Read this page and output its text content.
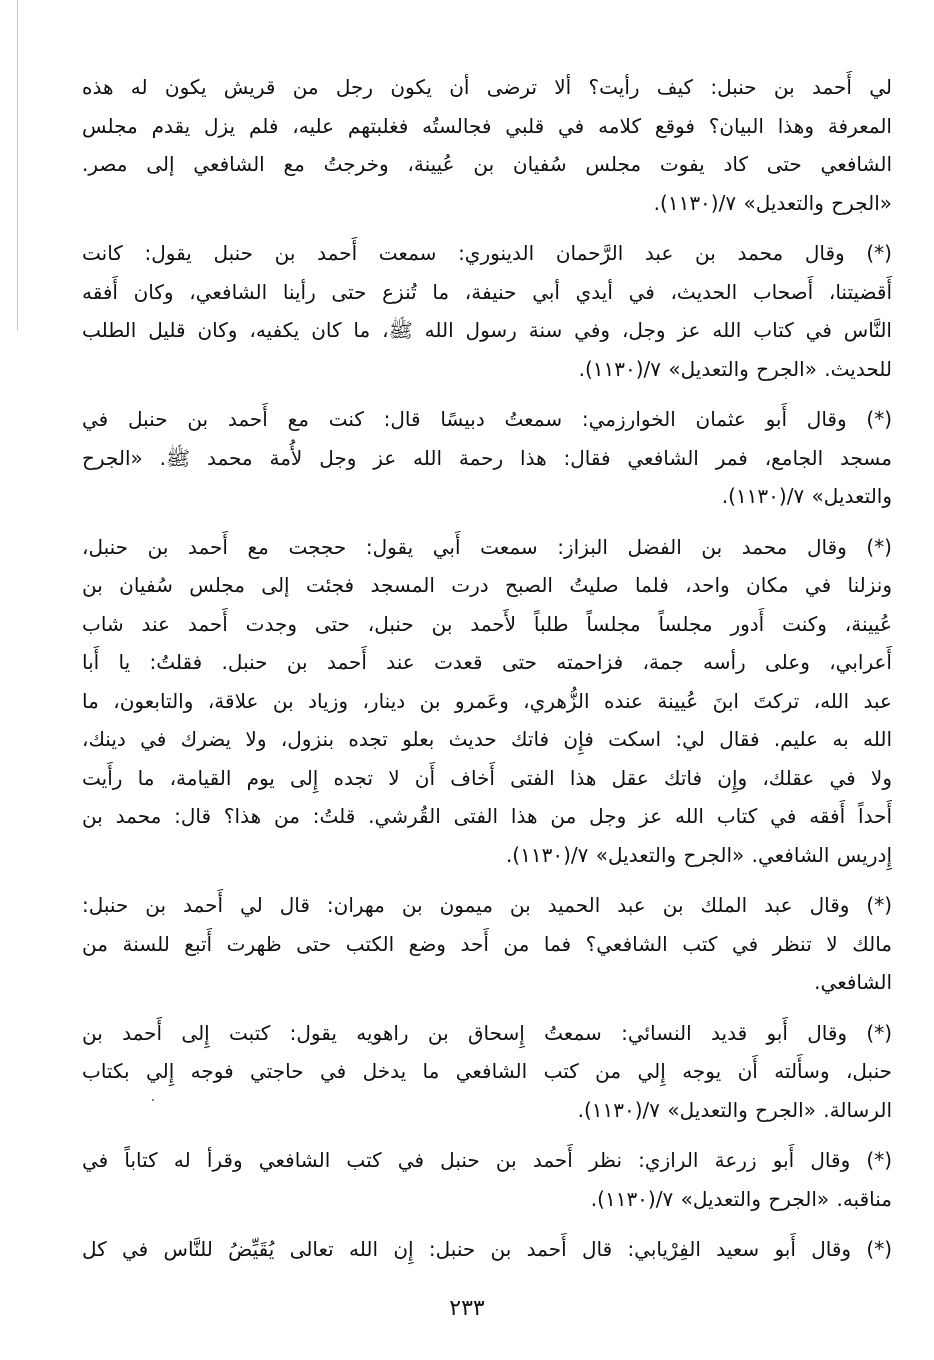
لي أَحمد بن حنبل: كيف رأيت؟ ألا ترضى أن يكون رجل من قريش يكون له هذه
المعرفة وهذا البيان؟ فوقع كلامه في قلبي فجالستُه فغلبتهم عليه، فلم يزل يقدم مجلس
الشافعي حتى كاد يفوت مجلس سُفيان بن عُيينة، وخرجتُ مع الشافعي إلى مصر.
«الجرح والتعديل» ٧/(١١٣٠).
(*) وقال محمد بن عبد الرَّحمان الدينوري: سمعت أَحمد بن حنبل يقول: كانت
أَقضيتنا، أَصحاب الحديث، في أيدي أبي حنيفة، ما تُنزع حتى رأينا الشافعي، وكان أَفقه
النَّاس في كتاب الله عز وجل، وفي سنة رسول الله ﷺ، ما كان يكفيه، وكان قليل الطلب
للحديث. «الجرح والتعديل» ٧/(١١٣٠).
(*) وقال أَبو عثمان الخوارزمي: سمعتُ دبيسًا قال: كنت مع أَحمد بن حنبل في
مسجد الجامع، فمر الشافعي فقال: هذا رحمة الله عز وجل لأُمة محمد ﷺ. «الجرح
والتعديل» ٧/(١١٣٠).
(*) وقال محمد بن الفضل البزاز: سمعت أَبي يقول: حججت مع أَحمد بن حنبل،
ونزلنا في مكان واحد، فلما صليتُ الصبح درت المسجد فجئت إلى مجلس سُفيان بن
عُيينة، وكنت أَدور مجلساً مجلساً طلباً لأَحمد بن حنبل، حتى وجدت أَحمد عند شاب
أَعرابي، وعلى رأسه جمة، فزاحمته حتى قعدت عند أَحمد بن حنبل. فقلتُ: يا أَبا
عبد الله، تركتَ ابنَ عُيينة عنده الزُّهري، وعَمرو بن دينار، وزياد بن علاقة، والتابعون، ما
الله به عليم. فقال لي: اسكت فإِن فاتك حديث بعلو تجده بنزول، ولا يضرك في دينك،
ولا في عقلك، وإِن فاتك عقل هذا الفتى أَخاف أَن لا تجده إِلى يوم القيامة، ما رأَيت
أَحداً أَفقه في كتاب الله عز وجل من هذا الفتى القُرشي. قلتُ: من هذا؟ قال: محمد بن
إِدريس الشافعي. «الجرح والتعديل» ٧/(١١٣٠).
(*) وقال عبد الملك بن عبد الحميد بن ميمون بن مهران: قال لي أَحمد بن حنبل:
مالك لا تنظر في كتب الشافعي؟ فما من أَحد وضع الكتب حتى ظهرت أَتبع للسنة من
الشافعي.
(*) وقال أَبو قديد النسائي: سمعتُ إِسحاق بن راهويه يقول: كتبت إِلى أَحمد بن
حنبل، وسأَلته أَن يوجه إِلي من كتب الشافعي ما يدخل في حاجتي فوجه إِلي بكتاب
الرسالة. «الجرح والتعديل» ٧/(١١٣٠).
(*) وقال أَبو زرعة الرازي: نظر أَحمد بن حنبل في كتب الشافعي وقرأ له كتاباً في
مناقبه. «الجرح والتعديل» ٧/(١١٣٠).
(*) وقال أَبو سعيد الفِرْيابي: قال أَحمد بن حنبل: إِن الله تعالى يُقَيِّضُ للنَّاس في كل
٢٣٣
